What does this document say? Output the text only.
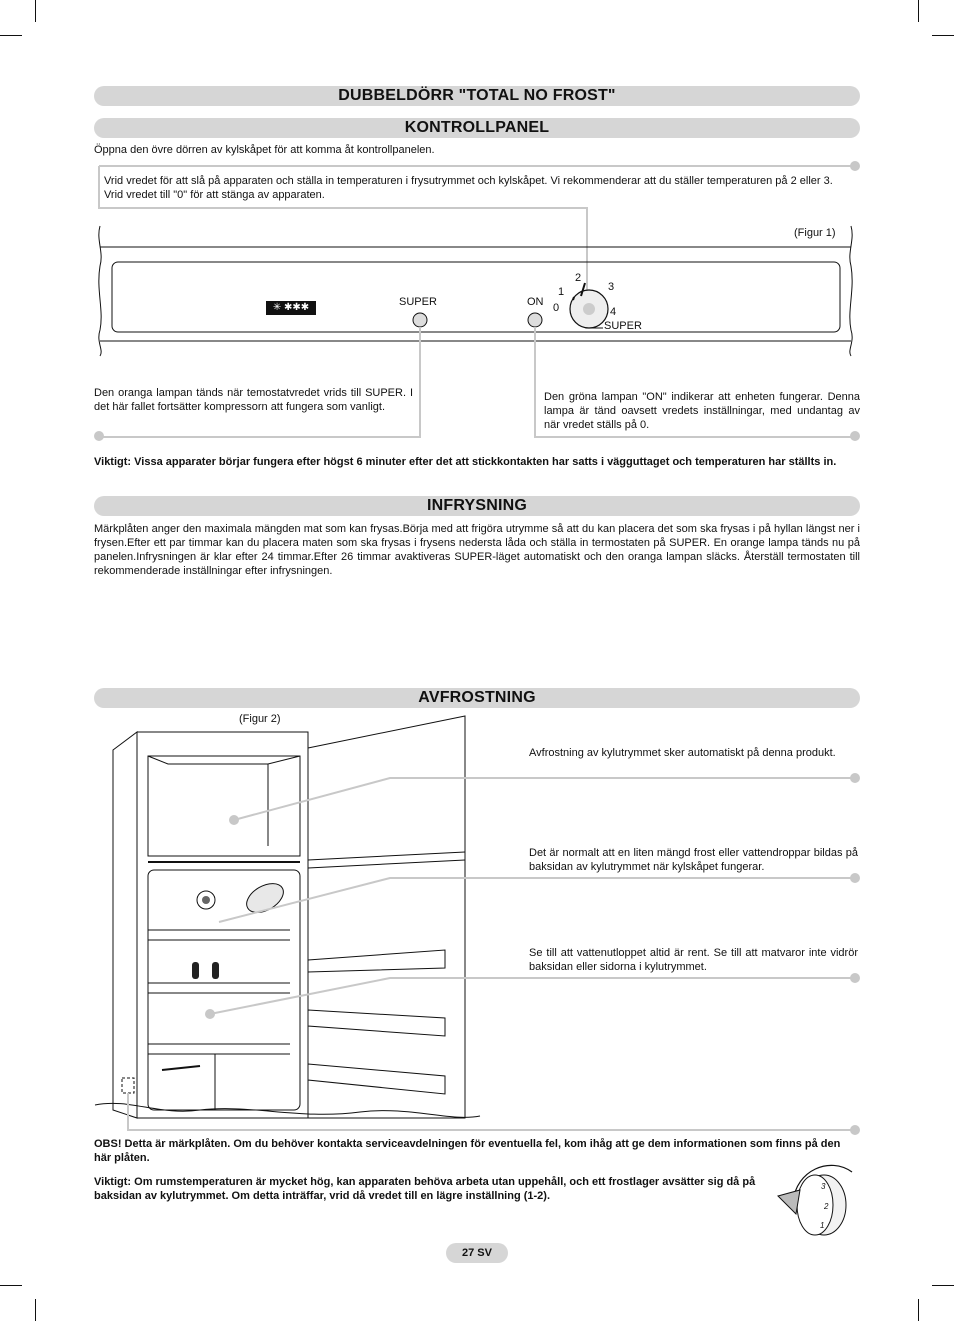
DUBBELDÖRR "TOTAL NO FROST"
KONTROLLPANEL
Öppna den övre dörren av kylskåpet för att komma åt kontrollpanelen.
Vrid vredet för att slå på apparaten och ställa in temperaturen i frysutrymmet och kylskåpet. Vi rekommenderar att du ställer temperaturen på 2 eller 3. Vrid vredet till "0" för att stänga av apparaten.
(Figur 1)
✳ ✱✱✱	SUPER	ON 0
1
2
3
4
SUPER
Den oranga lampan tänds när temostatvredet vrids till SUPER. I det här fallet fortsätter kompressorn att fungera som vanligt.
Den gröna lampan "ON" indikerar att enheten fungerar. Denna lampa är tänd oavsett vredets inställningar, med undantag av när vredet ställs på 0.
Viktigt: Vissa apparater börjar fungera efter högst 6 minuter efter det att stickkontakten har satts i vägguttaget och temperaturen har ställts in.
INFRYSNING
Märkplåten anger den maximala mängden mat som kan frysas.Börja med att frigöra utrymme så att du kan placera det som ska frysas i på hyllan längst ner i frysen.Efter ett par timmar kan du placera maten som ska frysas i frysens nedersta låda och ställa in termostaten på SUPER. En orange lampa tänds nu på panelen.Infrysningen är klar efter 24 timmar.Efter 26 timmar avaktiveras SUPER-läget automatiskt och den oranga lampan släcks. Återställ termostaten till rekommenderade inställningar efter infrysningen.
AVFROSTNING
(Figur 2)
Avfrostning av kylutrymmet sker automatiskt på denna produkt.
Det är normalt att en liten mängd frost eller vattendroppar bildas på baksidan av kylutrymmet när kylskåpet fungerar.
Se till att vattenutloppet altid är rent. Se till att matvaror inte vidrör baksidan eller sidorna i kylutrymmet.
OBS! Detta är märkplåten. Om du behöver kontakta serviceavdelningen för eventuella fel, kom ihåg att ge dem informationen som finns på den här plåten.
Viktigt: Om rumstemperaturen är mycket hög, kan apparaten behöva arbeta utan uppehåll, och ett frostlager avsätter sig då på baksidan av kylutrymmet. Om detta inträffar, vrid då vredet till en lägre inställning (1-2).
3
2
1
27 SV
